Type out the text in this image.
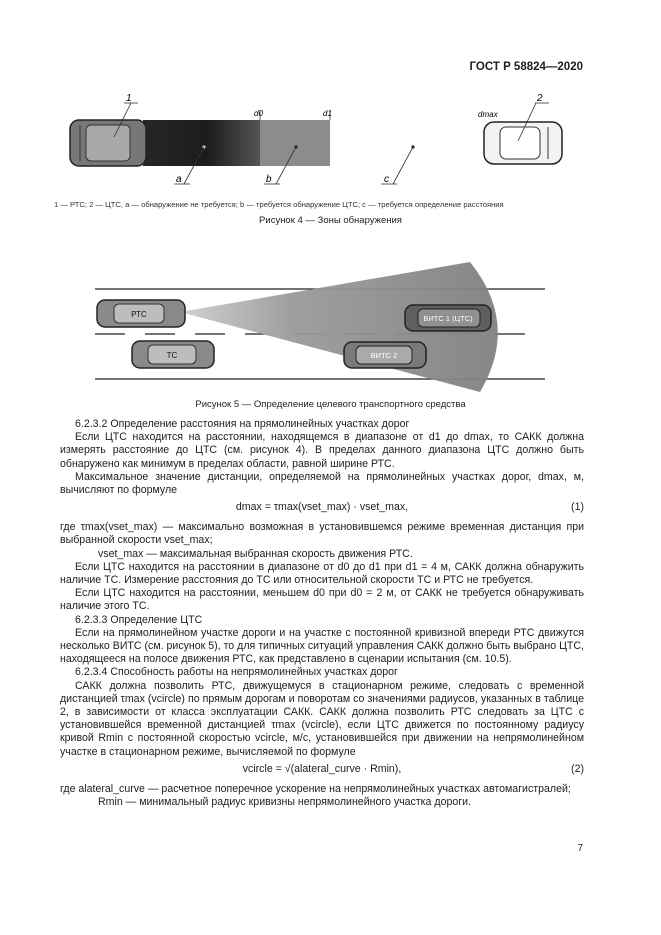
ГОСТ Р 58824—2020
d0	d1	dmax
1	2
a	b	c
1 — РТС; 2 — ЦТС, a — обнаружение не требуется; b — требуется обнаружение ЦТС; c — требуется определение расстояния
Рисунок 4 — Зоны обнаружения
РТС
ТС
ВИТС 1 (ЦТС)
ВИТС 2
Рисунок 5 — Определение целевого транспортного средства

6.2.3.2 Определение расстояния на прямолинейных участках дорог

Если ЦТС находится на расстоянии, находящемся в диапазоне от d1 до dmax, то САКК должна измерять расстояние до ЦТС (см. рисунок 4). В пределах данного диапазона ЦТС должно быть обнаружено как минимум в пределах области, равной ширине РТС.

Максимальное значение дистанции, определяемой на прямолинейных участках дорог, dmax, м, вычисляют по формуле

dmax = τmax(vset_max) · vset_max,	(1)

где τmax(vset_max) — максимально возможная в установившемся режиме временная дистанция при выбранной скорости vset_max;

vset_max — максимальная выбранная скорость движения РТС.

Если ЦТС находится на расстоянии в диапазоне от d0 до d1 при d1 = 4 м, САКК должна обнаружить наличие ТС. Измерение расстояния до ТС или относительной скорости ТС и РТС не требуется.

Если ЦТС находится на расстоянии, меньшем d0 при d0 = 2 м, от САКК не требуется обнаруживать наличие этого ТС.

6.2.3.3 Определение ЦТС

Если на прямолинейном участке дороги и на участке с постоянной кривизной впереди РТС движутся несколько ВИТС (см. рисунок 5), то для типичных ситуаций управления САКК должно быть выбрано ЦТС, находящееся на полосе движения РТС, как представлено в сценарии испытания (см. 10.5).

6.2.3.4 Способность работы на непрямолинейных участках дорог

САКК должна позволить РТС, движущемуся в стационарном режиме, следовать с временной дистанцией τmax (vcircle) по прямым дорогам и поворотам со значениями радиусов, указанных в таблице 2, в зависимости от класса эксплуатации САКК. САКК должна позволить РТС следовать за ЦТС с установившейся временной дистанцией τmax (vcircle), если ЦТС движется по постоянному радиусу кривой Rmin с постоянной скоростью vcircle, м/с, установившейся при движении на непрямолинейном участке в стационарном режиме, вычисляемой по формуле

vcircle = √(alateral_curve · Rmin),	(2)

где alateral_curve — расчетное поперечное ускорение на непрямолинейных участках автомагистралей;

Rmin — минимальный радиус кривизны непрямолинейного участка дороги.

7
